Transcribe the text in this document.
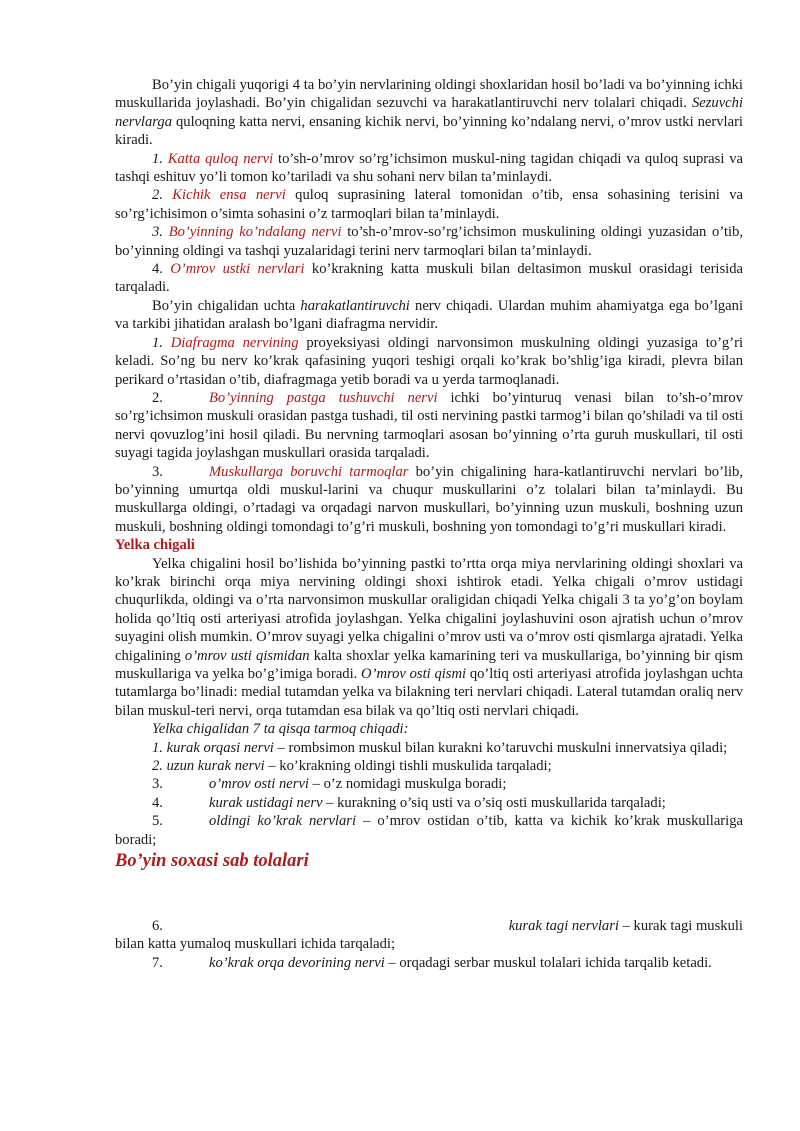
Bo’yin chigali yuqorigi 4 ta bo’yin nervlarining oldingi shoxlaridan hosil bo’ladi va bo’yinning ichki muskullarida joylashadi. Bo’yin chigalidan sezuvchi va harakatlantiruvchi nerv tolalari chiqadi. Sezuvchi nervlarga quloqning katta nervi, ensaning kichik nervi, bo’yinning ko’ndalang nervi, o’mrov ustki nervlari kiradi.

1. Katta quloq nervi to’sh-o’mrov so’rg’ichsimon muskul-ning tagidan chiqadi va quloq suprasi va tashqi eshituv yo’li tomon ko’tariladi va shu sohani nerv bilan ta’minlaydi.

2. Kichik ensa nervi quloq suprasining lateral tomonidan o’tib, ensa sohasining terisini va so’rg’ichisimon o’simta sohasini o’z tarmoqlari bilan ta’minlaydi.

3. Bo’yinning ko’ndalang nervi to’sh-o’mrov-so’rg’ichsimon muskulining oldingi yuzasidan o’tib, bo’yinning oldingi va tashqi yuzalaridagi terini nerv tarmoqlari bilan ta’minlaydi.

4. O’mrov ustki nervlari ko’krakning katta muskuli bilan deltasimon muskul orasidagi terisida tarqaladi.

Bo’yin chigalidan uchta harakatlantiruvchi nerv chiqadi. Ulardan muhim ahamiyatga ega bo’lgani va tarkibi jihatidan aralash bo’lgani diafragma nervidir.

1. Diafragma nervining proyeksiyasi oldingi narvonsimon muskulning oldingi yuzasiga to’g’ri keladi. So’ng bu nerv ko’krak qafasining yuqori teshigi orqali ko’krak bo’shlig’iga kiradi, plevra bilan perikard o’rtasidan o’tib, diafragmaga yetib boradi va u yerda tarmoqlanadi.

2.	Bo’yinning pastga tushuvchi nervi ichki bo’yinturuq venasi bilan to’sh-o’mrov so’rg’ichsimon muskuli orasidan pastga tushadi, til osti nervining pastki tarmog’i bilan qo’shiladi va til osti nervi qovuzlog’ini hosil qiladi. Bu nervning tarmoqlari asosan bo’yinning o’rta guruh muskullari, til osti suyagi tagida joylashgan muskullari orasida tarqaladi.

3.	Muskullarga boruvchi tarmoqlar bo’yin chigalining hara-katlantiruvchi nervlari bo’lib, bo’yinning umurtqa oldi muskul-larini va chuqur muskullarini o’z tolalari bilan ta’minlaydi. Bu muskullarga oldingi, o’rtadagi va orqadagi narvon muskullari, bo’yinning uzun muskuli, boshning uzun muskuli, boshning oldingi tomondagi to’g’ri muskuli, boshning yon tomondagi to’g’ri muskullari kiradi.

Yelka chigali

Yelka chigalini hosil bo’lishida bo’yinning pastki to’rtta orqa miya nervlarining oldingi shoxlari va ko’krak birinchi orqa miya nervining oldingi shoxi ishtirok etadi. Yelka chigali o’mrov ustidagi chuqurlikda, oldingi va o’rta narvonsimon muskullar oraligidan chiqadi Yelka chigali 3 ta yo’g’on boylam holida qo’ltiq osti arteriyasi atrofida joylashgan. Yelka chigalini joylashuvini oson ajratish uchun o’mrov suyagini olish mumkin. O’mrov suyagi yelka chigalini o’mrov usti va o’mrov osti qismlarga ajratadi. Yelka chigalining o’mrov usti qismidan kalta shoxlar yelka kamarining teri va muskullariga, bo’yinning bir qism muskullariga va yelka bo’g’imiga boradi. O’mrov osti qismi qo’ltiq osti arteriyasi atrofida joylashgan uchta tutamlarga bo’linadi: medial tutamdan yelka va bilakning teri nervlari chiqadi. Lateral tutamdan oraliq nerv bilan muskul-teri nervi, orqa tutamdan esa bilak va qo’ltiq osti nervlari chiqadi.

Yelka chigalidan 7 ta qisqa tarmoq chiqadi:

1. kurak orqasi nervi – rombsimon muskul bilan kurakni ko’taruvchi muskulni innervatsiya qiladi;

2. uzun kurak nervi – ko’krakning oldingi tishli muskulida tarqaladi;

3.	o’mrov osti nervi – o’z nomidagi muskulga boradi;

4.	kurak ustidagi nerv – kurakning o’siq usti va o’siq osti muskullarida tarqaladi;

5.	oldingi ko’krak nervlari – o’mrov ostidan o’tib, katta va kichik ko’krak muskullariga boradi;

Bo’yin soxasi sab tolalari

6.	kurak tagi nervlari – kurak tagi muskuli

bilan katta yumaloq muskullari ichida tarqaladi;

7.	ko’krak orqa devorining nervi – orqadagi serbar muskul tolalari ichida tarqalib ketadi.
